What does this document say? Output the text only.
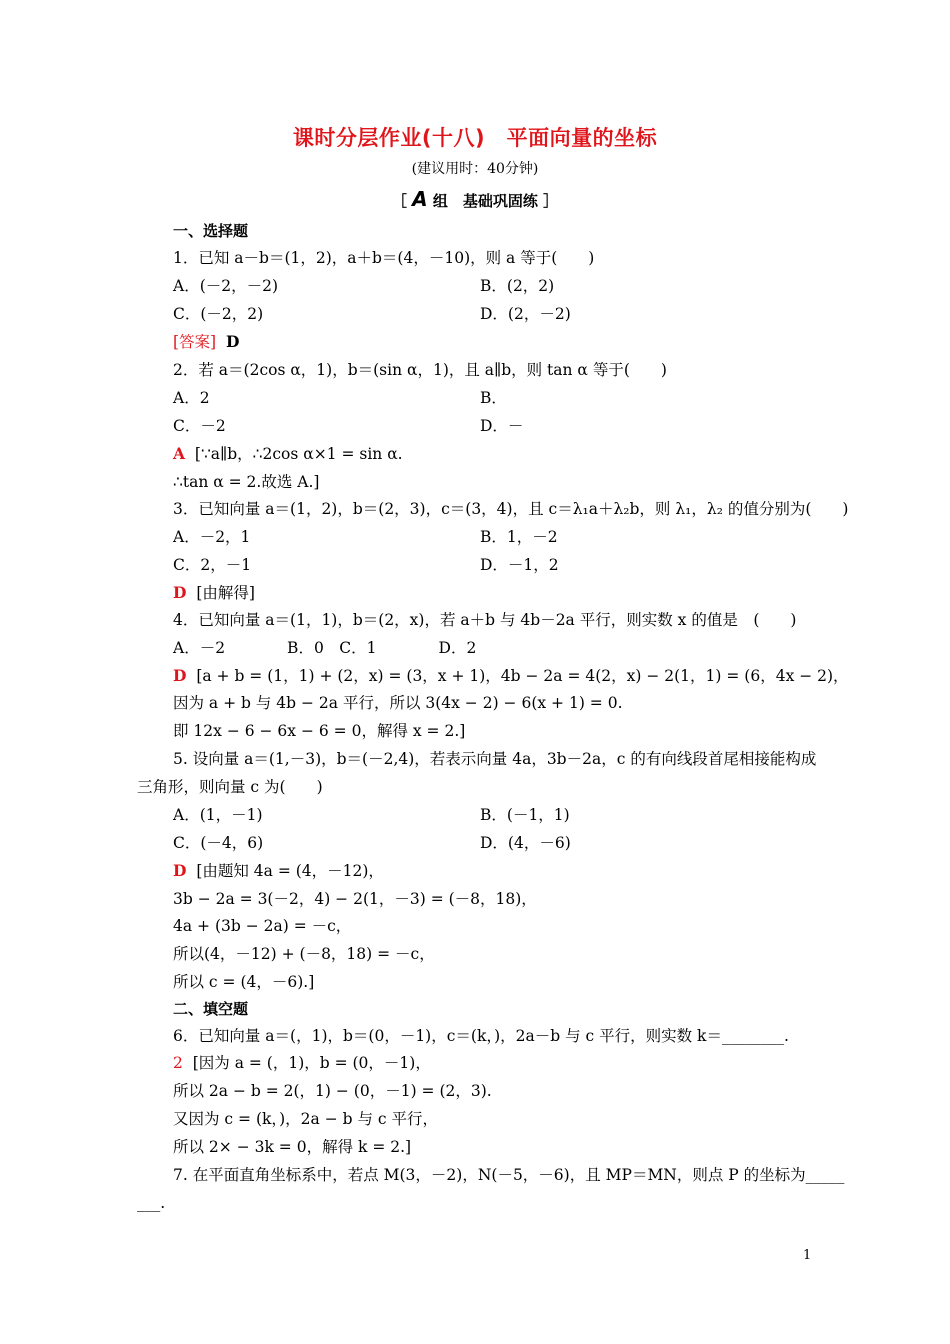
课时分层作业(十八)　平面向量的坐标
(建议用时：40分钟)
［ A 组　基础巩固练 ］
一、选择题
1．已知 a－b＝(1，2)，a＋b＝(4，－10)，则 a 等于(　　)
A．(－2，－2)	B．(2，2)
C．(－2，2)	D．(2，－2)
[答案] D
2．若 a＝(2cos α，1)，b＝(sin α，1)，且 a∥b，则 tan α 等于(　　)
A．2	B．
C．－2	D．－
A [∵a∥b，∴2cos α×1 = sin α.
∴tan α = 2.故选 A.]
3．已知向量 a＝(1，2)，b＝(2，3)，c＝(3，4)，且 c＝λ₁a＋λ₂b，则 λ₁，λ₂ 的值分别为(　　)
A．－2，1	B．1，－2
C．2，－1	D．－1，2
D [由解得]
4．已知向量 a＝(1，1)，b＝(2，x)，若 a＋b 与 4b－2a 平行，则实数 x 的值是　(　　)
A．－2　　　　B．0　C．1　　　　D．2
D [a + b = (1，1) + (2，x) = (3，x + 1)，4b − 2a = 4(2，x) − 2(1，1) = (6，4x − 2)，
因为 a + b 与 4b − 2a 平行，所以 3(4x − 2) − 6(x + 1) = 0.
即 12x − 6 − 6x − 6 = 0，解得 x = 2.]
5. 设向量 a＝(1,－3)，b＝(－2,4)，若表示向量 4a，3b－2a，c 的有向线段首尾相接能构成
三角形，则向量 c 为(　　)
A．(1，－1)	B．(－1，1)
C．(－4，6)	D．(4，－6)
D [由题知 4a = (4，－12)，
3b − 2a = 3(－2，4) − 2(1，－3) = (－8，18)，
4a + (3b − 2a) = －c，
所以(4，－12) + (－8，18) = －c，
所以 c = (4，－6).]
二、填空题
6．已知向量 a＝(，1)，b＝(0，－1)，c＝(k，)，2a－b 与 c 平行，则实数 k＝________.
2 [因为 a = (，1)，b = (0，－1)，
所以 2a − b = 2(，1) − (0，－1) = (2，3).
又因为 c = (k，)，2a − b 与 c 平行，
所以 2× − 3k = 0，解得 k = 2.]
7. 在平面直角坐标系中，若点 M(3，－2)，N(－5，－6)，且 MP＝MN，则点 P 的坐标为_____
___.
1
